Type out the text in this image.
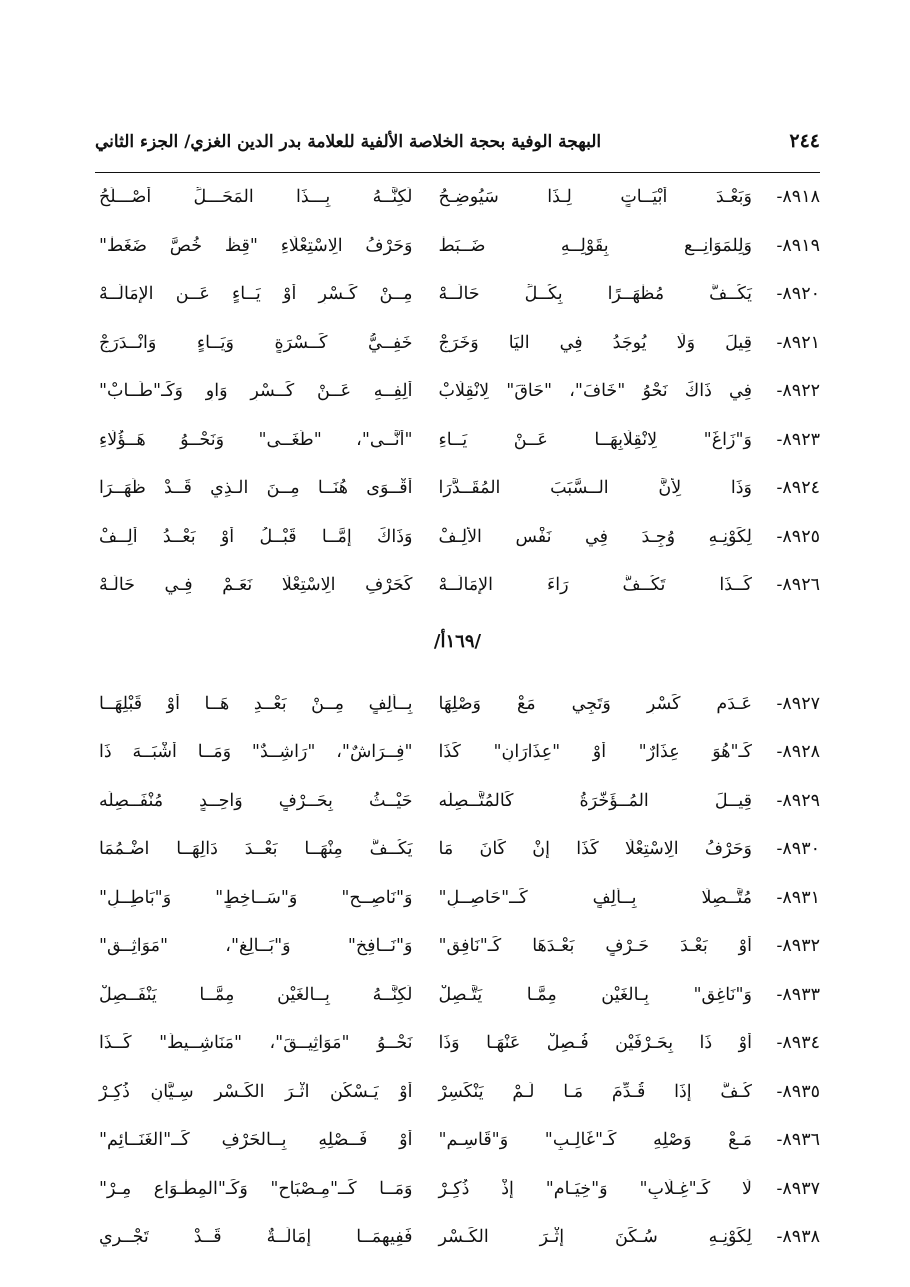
٢٤٤
البهجة الوفية بحجة الخلاصة الألفية للعلامة بدر الدين الغزي/ الجزء الثاني
٨٩١٨-
وَبَعْـدَ أَبْيَــاتٍ لِـذَا سَيُوضِـحُ
لَكِنَّــهُ بِـــذَا المَحَـــلِّ أَصْـــلَحُ
٨٩١٩-
وَلِلمَوَانِــعِ بِقَوْلِــهِ ضَــبَطْ
وَحَرْفُ الِاسْتِعْلَاءِ "قِظْ خُصَّ ضَغَطْ"
٨٩٢٠-
يَكُــفُّ مُظْهَــرًا بِكُــلِّ حَالَــهْ
مِــنْ كَـسْرٍ أَوْ يَــاءٍ عَــنِ الإِمَالَــهْ
٨٩٢١-
قِيلَ وَلَا يُوجَدُ فِي اليَا وَخَرَجْ
خَفِــيُّ كَــسْرَةٍ وَيَــاءٍ وَانْــدَرَجْ
٨٩٢٢-
فِي ذَاكَ نَحْوُ "خَافَ"، "حَاقَ" لِانْقِلَابْ
أَلِفِــهِ عَــنْ كَــسْرٍ وَاوٍ وَكَـ"طَــابْ"
٨٩٢٣-
وَ"زَاغَ" لِانْقِلَابِهَــا عَــنْ يَــاءِ
"أَنَّــى"، "طَغَــى" وَنَحْــوُ هَــؤُلَاءِ
٨٩٢٤-
وَذَا لِأَنَّ الــسَّبَبَ المُقَــدَّرَا
أَقْــوَى هُنَــا مِــنَ الـذِي قَــدْ ظَهَــرَا
٨٩٢٥-
لِكَوْنِـهِ وُجِـدَ فِي نَفْسِ الأَلِـفْ
وَذَاكَ إِمَّــا قَبْــلُ أَوْ بَعْــدُ أُلِــفْ
٨٩٢٦-
كَــذَا تَكُــفُّ رَاءَ الإِمَالَــهْ
كَحَرْفِ الِاسْتِعْلَا نَعَـمْ فِـي حَالَـهْ
/١٦٩أ/
٨٩٢٧-
عَـدَمِ كَسْرٍ وَتَجِي مَعْ وَصْلِهَا
بِــأَلِفٍ مِــنْ بَعْــدِ هَــا أَوْ قَبْلِهَــا
٨٩٢٨-
كَـ"هُوَ عِذَارٌ" أَوْ "عِذَارَانِ" كَذَا
"فِــرَاشٌ"، "رَاشِــدٌ" وَمَــا أَشْبَــهَ ذَا
٨٩٢٩-
قِيــلَ المُــؤَخَّرَةُ كَالمُتَّــصِلَه
حَيْــثُ بِحَــرْفٍ وَاحِــدٍ مُنْفَــصِلَه
٨٩٣٠-
وَحَرْفُ الِاسْتِعْلَا كَذَا إِنْ كَانَ مَا
يَكُــفُّ مِنْهَــا بَعْــدَ دَالِهَــا اضْـمُمَا
٨٩٣١-
مُتَّــصِلًا بِــأَلِفٍ كَــ"حَاصِــلِ"
وَ"نَاصِــحٍ" وَ"سَــاخِطٍ" وَ"بَاطِــلِ"
٨٩٣٢-
أَوْ بَعْـدَ حَـرْفٍ بَعْـدَهَا كَـ"نَافِقٍ"
وَ"نَــافِخٍ" وَ"بَــالِغٍ"، "مَوَاثِــقِ"
٨٩٣٣-
وَ"نَاغِقٍ" بِـالغَيْنِ مِمَّـا يَتَّـصِلْ
لَكِنَّــهُ بِــالغَيْنِ مِمَّــا يَنْفَــصِلْ
٨٩٣٤-
أَوْ ذَا بِحَـرْفَيْنِ فُـصِلْ عَنْهَـا وَذَا
نَحْــوُ "مَوَاثِيــقَ"، "مَنَاشِــيطَ" كَــذَا
٨٩٣٥-
كُـفَّ إِذَا قُـدِّمَ مَـا لَـمْ يَنْكَسِرْ
أَوْ يَـسْكُنِ اثْـرَ الكَـسْرِ سِـيَّانِ ذُكِـرْ
٨٩٣٦-
مَـعْ وَصْلِهِ كَـ"غَالِـبٍ" وَ"قَاسِـمِ"
أَوْ فَــصْلِهِ بِــالحَرْفِ كَــ"الغَنَــائِمِ"
٨٩٣٧-
لَا كَـ"غِـلَابٍ" وَ"خِيَـامٍ" إِذْ ذُكِـرْ
وَمَــا كَــ"مِـصْبَاحٍ" وَكَـ"المِطْـوَاعِ مِـرْ"
٨٩٣٨-
لِكَوْنِـهِ سُـكِّنَ إِثْـرَ الكَـسْرِ
فَفِيهِمَــا إِمَالَــةٌ قَــدْ تَجْــرِي
